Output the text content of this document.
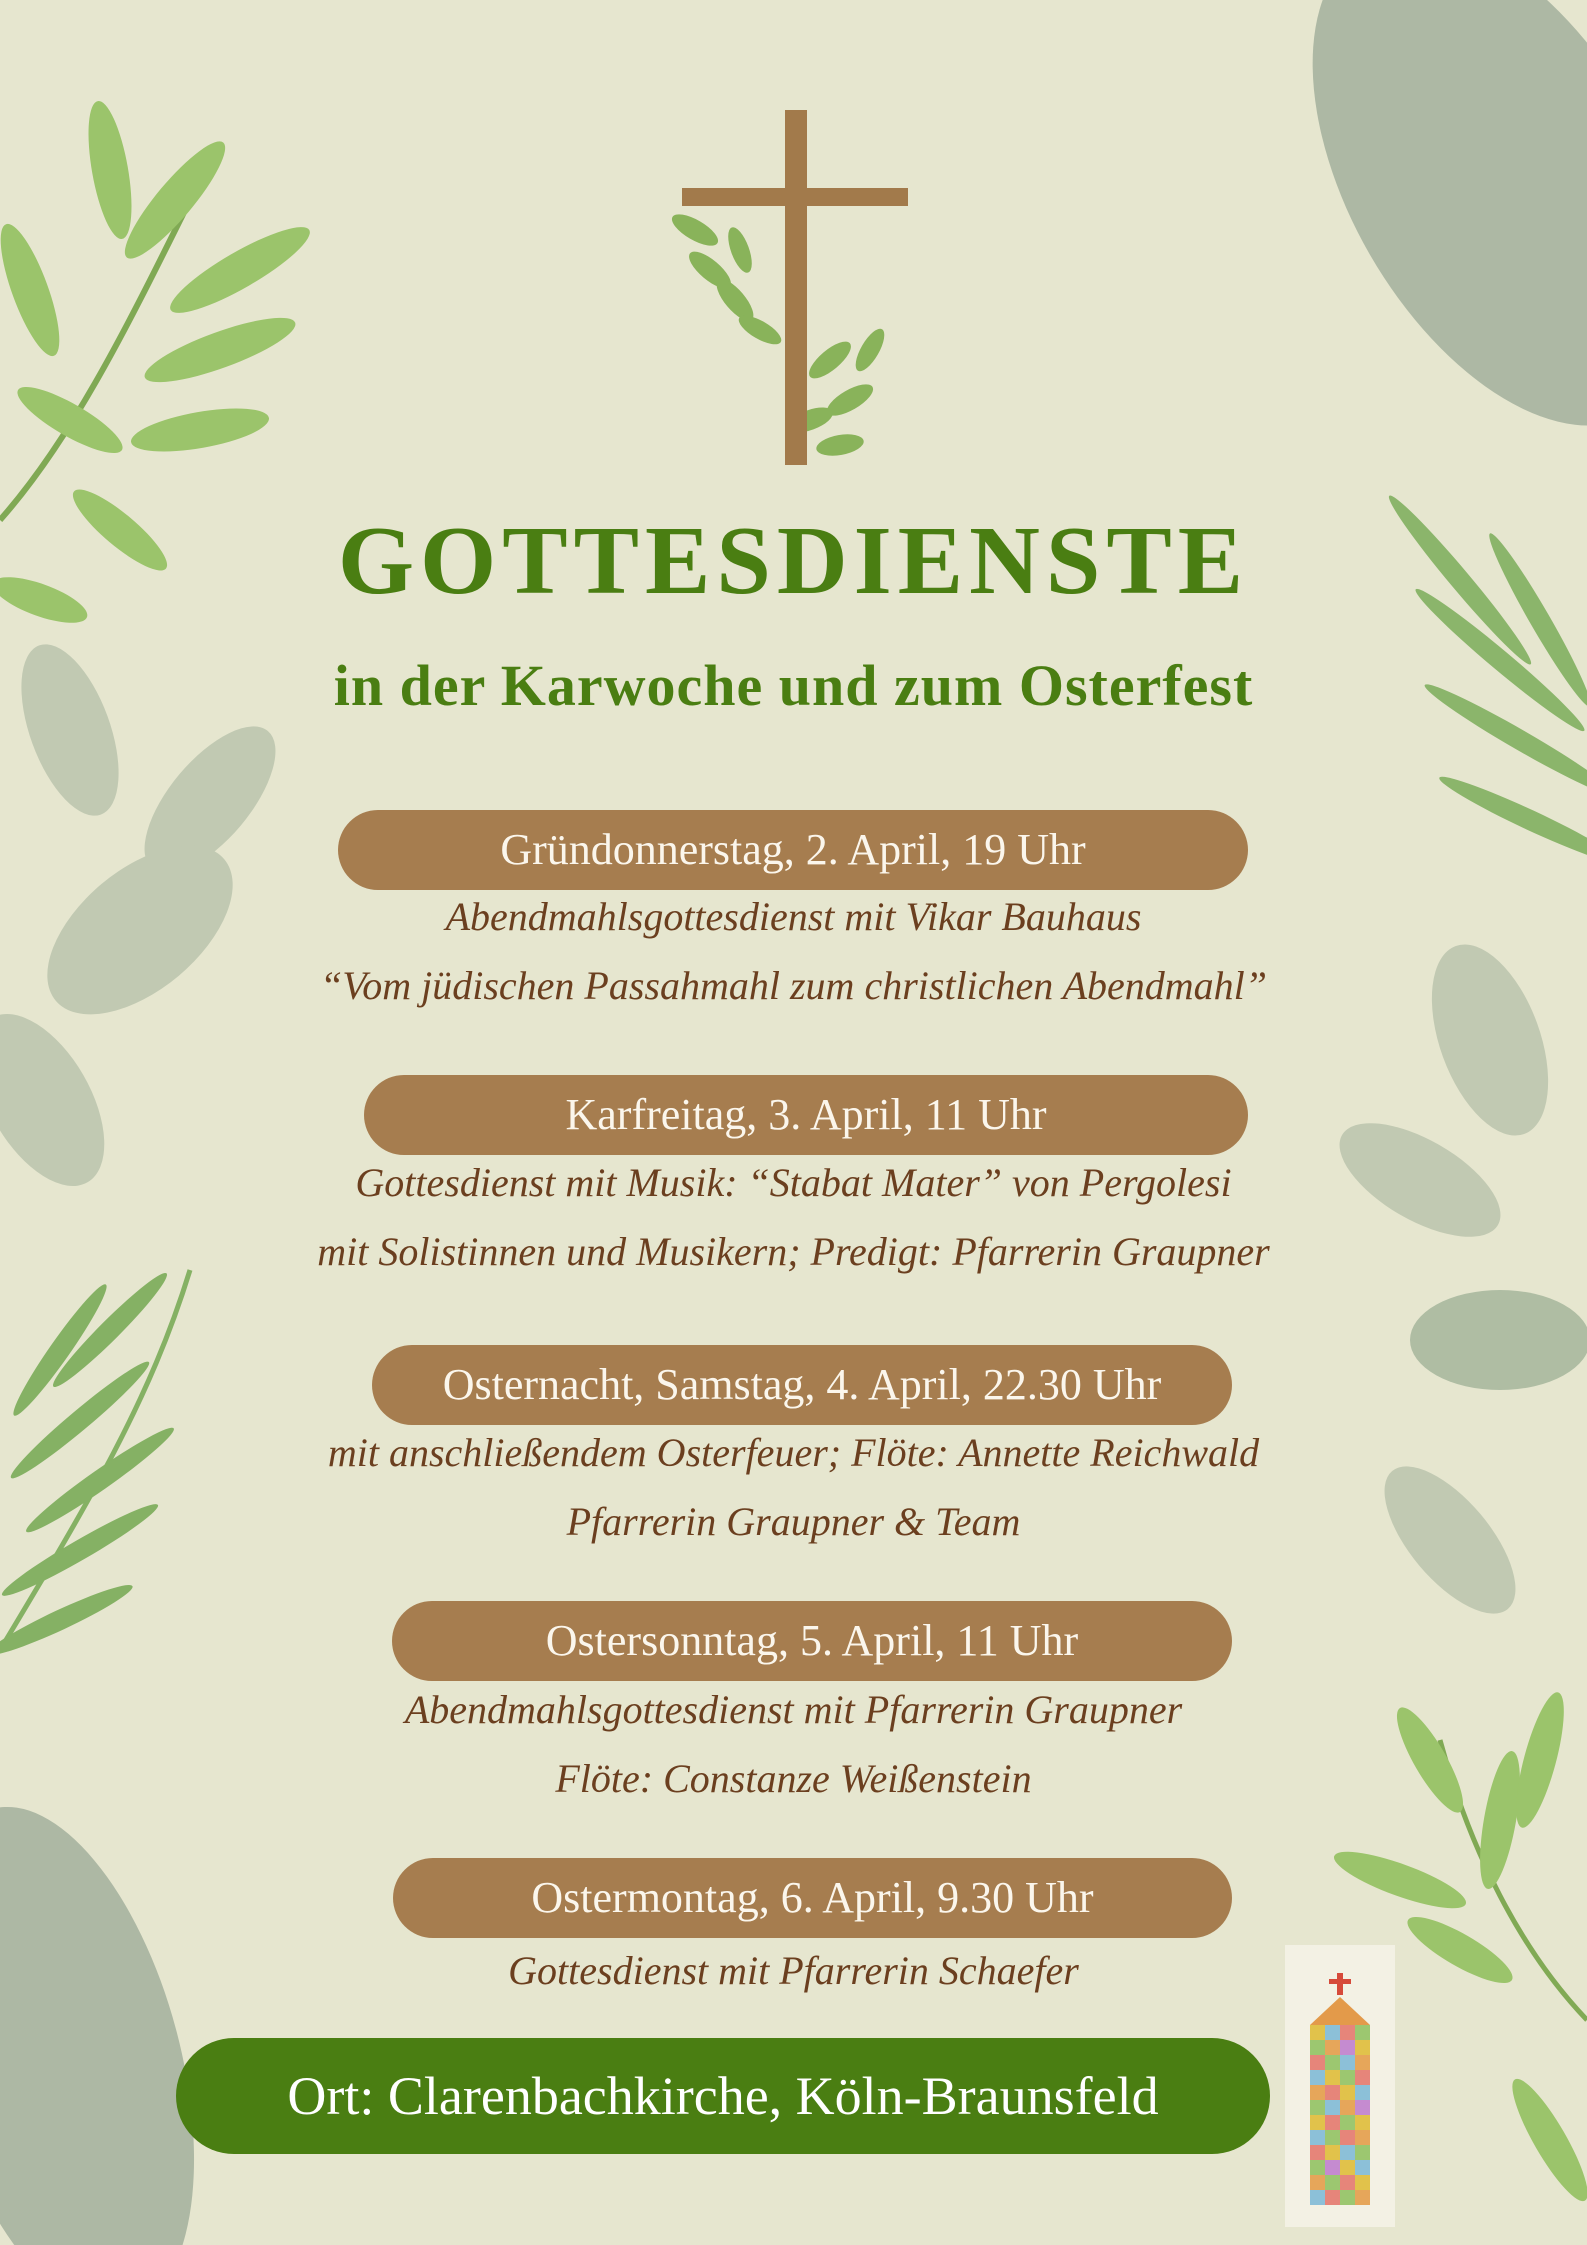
GOTTESDIENSTE
in der Karwoche und zum Osterfest
Gründonnerstag, 2. April, 19 Uhr
Abendmahlsgottesdienst mit Vikar Bauhaus
“Vom jüdischen Passahmahl zum christlichen Abendmahl”
Karfreitag, 3. April, 11 Uhr
Gottesdienst mit Musik: “Stabat Mater” von Pergolesi
mit Solistinnen und Musikern; Predigt: Pfarrerin Graupner
Osternacht, Samstag, 4. April, 22.30 Uhr
mit anschließendem Osterfeuer; Flöte: Annette Reichwald
Pfarrerin Graupner & Team
Ostersonntag, 5. April, 11 Uhr
Abendmahlsgottesdienst mit Pfarrerin Graupner
Flöte: Constanze Weißenstein
Ostermontag, 6. April, 9.30 Uhr
Gottesdienst mit Pfarrerin Schaefer
Ort: Clarenbachkirche, Köln-Braunsfeld
